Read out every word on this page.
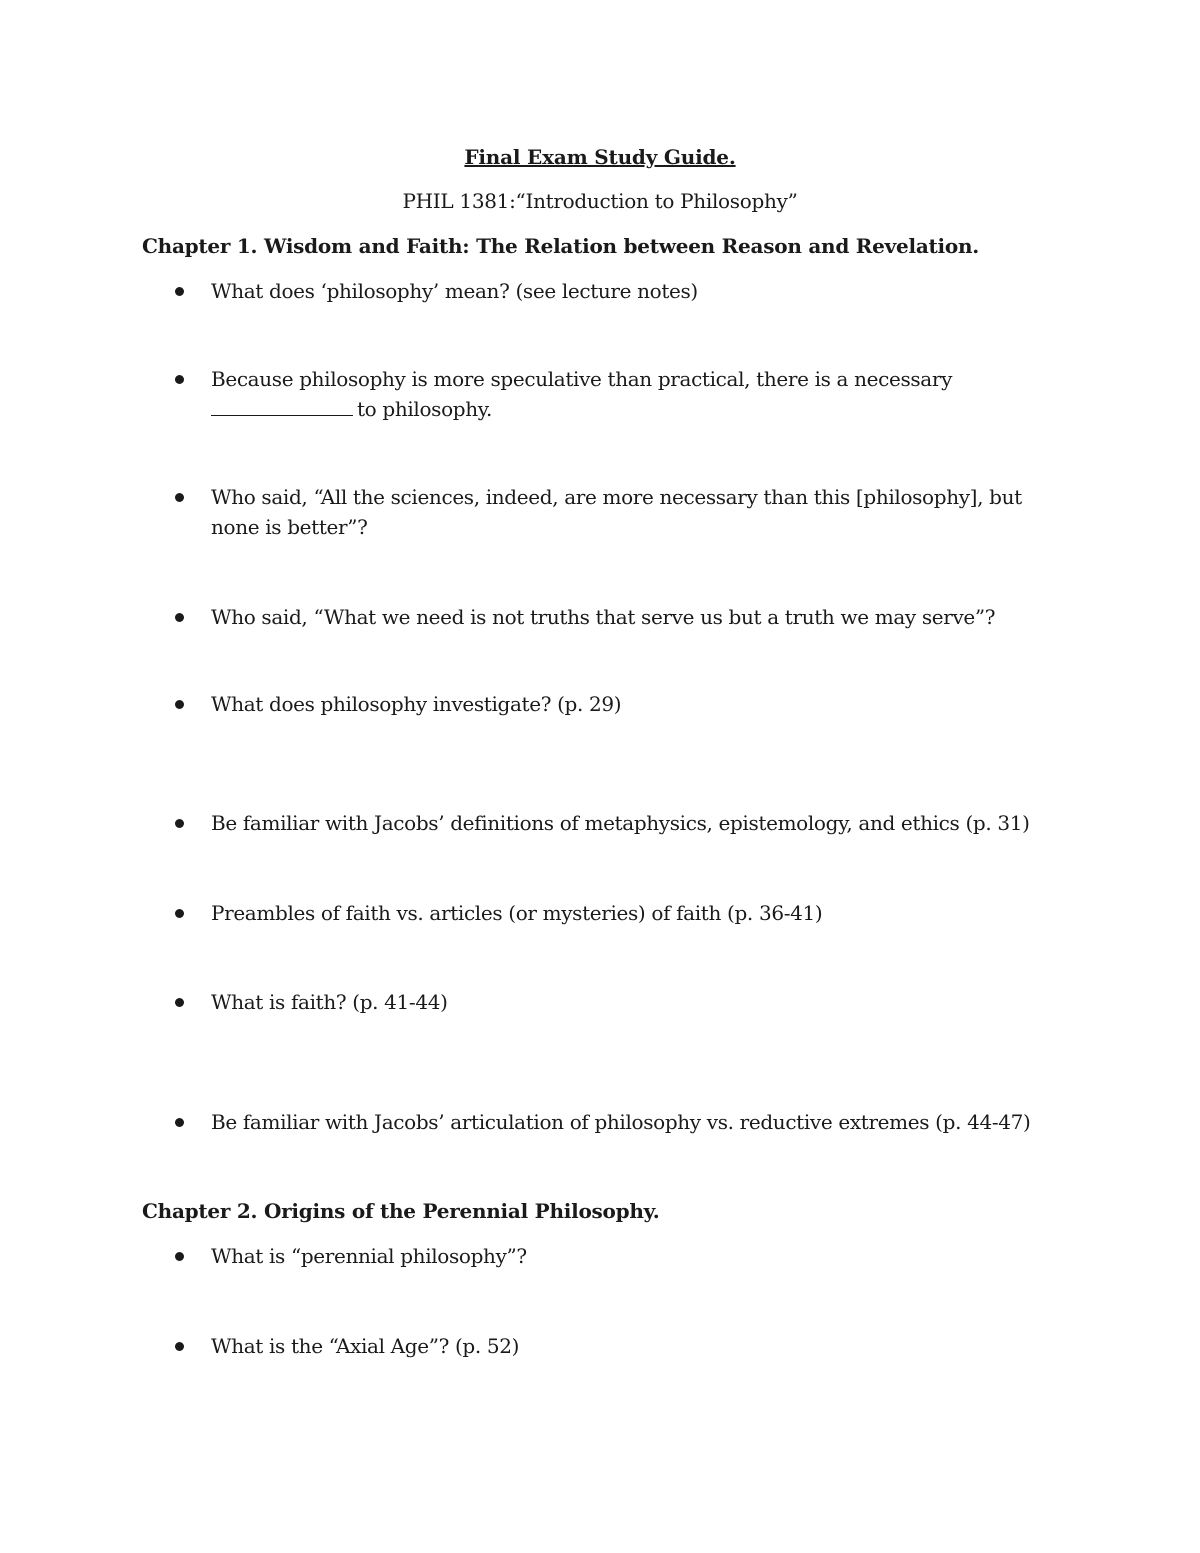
Final Exam Study Guide.
PHIL 1381:“Introduction to Philosophy”
Chapter 1. Wisdom and Faith: The Relation between Reason and Revelation.
What does ‘philosophy’ mean? (see lecture notes)
Because philosophy is more speculative than practical, there is a necessary
to philosophy.
Who said, “All the sciences, indeed, are more necessary than this [philosophy], but none is better”?
Who said, “What we need is not truths that serve us but a truth we may serve”?
What does philosophy investigate? (p. 29)
Be familiar with Jacobs’ definitions of metaphysics, epistemology, and ethics (p. 31)
Preambles of faith vs. articles (or mysteries) of faith (p. 36-41)
What is faith? (p. 41-44)
Be familiar with Jacobs’ articulation of philosophy vs. reductive extremes (p. 44-47)
Chapter 2. Origins of the Perennial Philosophy.
What is “perennial philosophy”?
What is the “Axial Age”? (p. 52)
